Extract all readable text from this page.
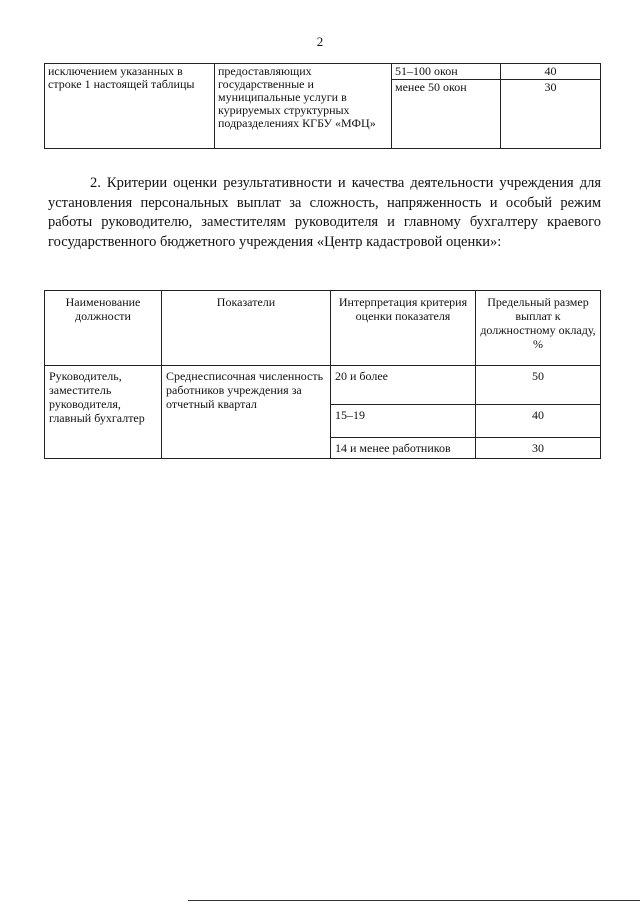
2
исключением указанных в строке 1 настоящей таблицы	предоставляющих государственные и муниципальные услуги в курируемых структурных подразделениях КГБУ «МФЦ»	51–100 окон	40
		менее 50 окон	30

2. Критерии оценки результативности и качества деятельности учреждения для установления персональных выплат за сложность, напряженность и особый режим работы руководителю, заместителям руководителя и главному бухгалтеру краевого государственного бюджетного учреждения «Центр кадастровой оценки»:

Наименование должности	Показатели	Интерпретация критерия оценки показателя	Предельный размер выплат к должностному окладу, %
Руководитель, заместитель руководителя, главный бухгалтер	Среднесписочная численность работников учреждения за отчетный квартал	20 и более	50
		15–19	40
		14 и менее работников	30
